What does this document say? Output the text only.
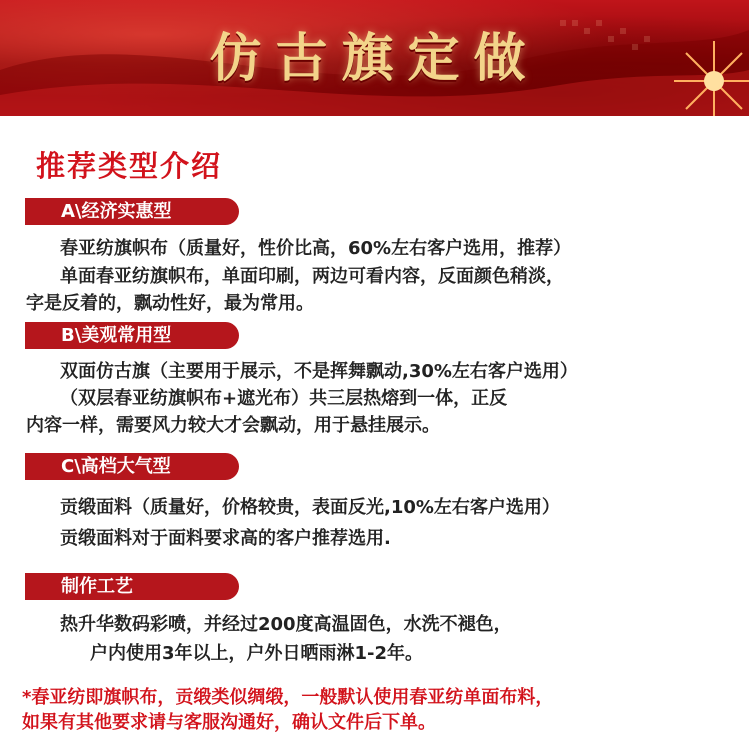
仿古旗定做
推荐类型介绍
A\经济实惠型
春亚纺旗帜布（质量好，性价比高，60%左右客户选用，推荐）
单面春亚纺旗帜布，单面印刷，两边可看内容，反面颜色稍淡，
字是反着的，飘动性好，最为常用。
B\美观常用型
双面仿古旗（主要用于展示，不是挥舞飘动,30%左右客户选用）
（双层春亚纺旗帜布+遮光布）共三层热熔到一体，正反
内容一样，需要风力较大才会飘动，用于悬挂展示。
C\高档大气型
贡缎面料（质量好，价格较贵，表面反光,10%左右客户选用）
贡缎面料对于面料要求高的客户推荐选用.
制作工艺
热升华数码彩喷，并经过200度高温固色，水洗不褪色，
户内使用3年以上，户外日晒雨淋1-2年。
*春亚纺即旗帜布，贡缎类似绸缎，一般默认使用春亚纺单面布料，
如果有其他要求请与客服沟通好，确认文件后下单。
